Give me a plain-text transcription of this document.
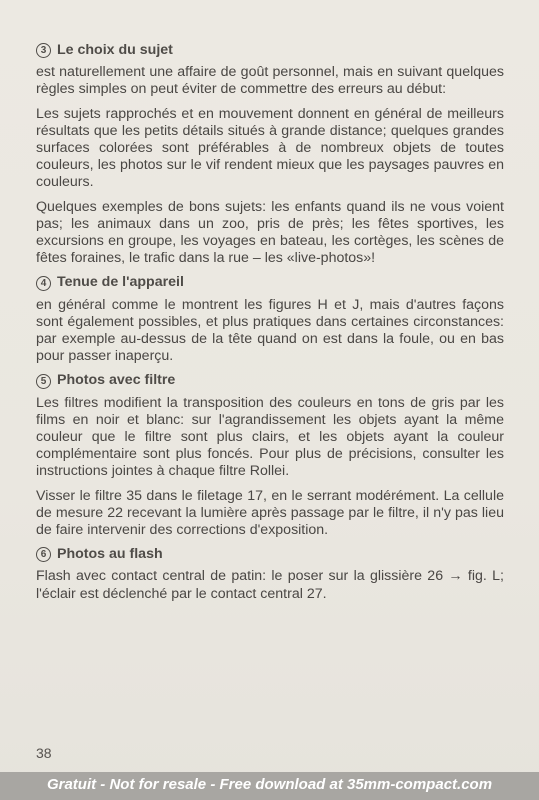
3 Le choix du sujet

est naturellement une affaire de goût personnel, mais en suivant quelques règles simples on peut éviter de commettre des erreurs au début:

Les sujets rapprochés et en mouvement donnent en général de meilleurs résultats que les petits détails situés à grande distance; quelques grandes surfaces colorées sont préférables à de nombreux objets de toutes couleurs, les photos sur le vif rendent mieux que les paysages pauvres en couleurs.

Quelques exemples de bons sujets: les enfants quand ils ne vous voient pas; les animaux dans un zoo, pris de près; les fêtes sportives, les excursions en groupe, les voyages en bateau, les cortèges, les scènes de fêtes foraines, le trafic dans la rue – les «live-photos»!

4 Tenue de l'appareil

en général comme le montrent les figures H et J, mais d'autres façons sont également possibles, et plus pratiques dans certaines circonstances: par exemple au-dessus de la tête quand on est dans la foule, ou en bas pour passer inaperçu.

5 Photos avec filtre

Les filtres modifient la transposition des couleurs en tons de gris par les films en noir et blanc: sur l'agrandissement les objets ayant la même couleur que le filtre sont plus clairs, et les objets ayant la couleur complémentaire sont plus foncés. Pour plus de précisions, consulter les instructions jointes à chaque filtre Rollei.

Visser le filtre 35 dans le filetage 17, en le serrant modérément. La cellule de mesure 22 recevant la lumière après passage par le filtre, il n'y pas lieu de faire intervenir des corrections d'exposition.

6 Photos au flash

Flash avec contact central de patin: le poser sur la glissière 26 → fig. L; l'éclair est déclenché par le contact central 27.

38
Gratuit - Not for resale - Free download at 35mm-compact.com
